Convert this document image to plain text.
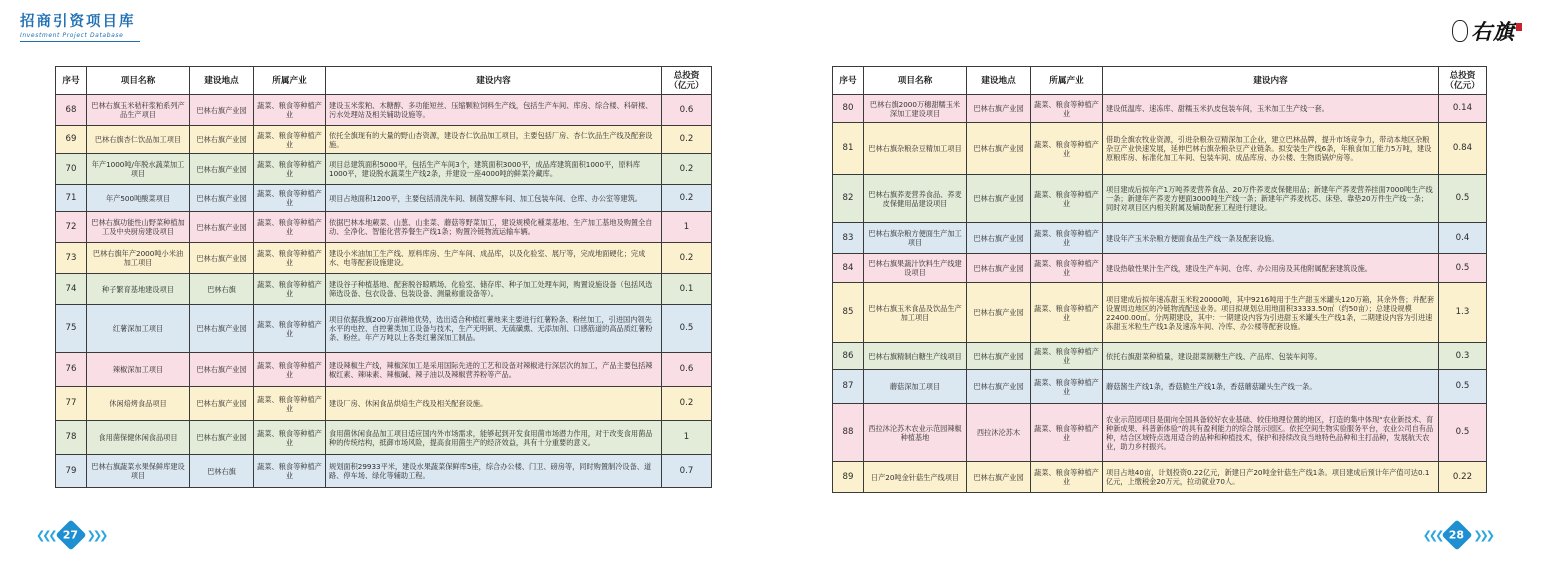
招商引资项目库
Investment Project Database
序号	项目名称	建设地点	所属产业	建设内容	总投资
（亿元）
68	巴林右旗玉米秸秆浆粕系列产品生产项目	巴林右旗产业园	蔬菜、粮食等种植产业	建设玉米浆粕、木糖醇、多功能短丝、压缩颗粒饲料生产线，包括生产车间、库房、综合楼、科研楼、污水处理站及相关辅助设施等。	0.6
69	巴林右旗杏仁饮品加工项目	巴林右旗产业园	蔬菜、粮食等种植产业	依托全旗现有的大量的野山杏资源，建设杏仁饮品加工项目，主要包括厂房、杏仁饮品生产线及配套设施。	0.2
70	年产1000吨/年脱水蔬菜加工项目	巴林右旗产业园	蔬菜、粮食等种植产业	项目总建筑面积5000平，包括生产车间3个，建筑面积3000平，成品库建筑面积1000平，原料库1000平，建设脱水蔬菜生产线2条，并建设一座4000吨的鲜菜冷藏库。	0.2
71	年产500吨酸菜项目	巴林右旗产业园	蔬菜、粮食等种植产业	项目占地面积1200平，主要包括清洗车间、制菌发酵车间、加工包装车间、仓库、办公室等建筑。	0.2
72	巴林右旗功能性山野菜种植加工及中央厨房建设项目	巴林右旗产业园	蔬菜、粮食等种植产业	依据巴林本地蕨菜、山葱、山韭菜、蘑菇等野菜加工，建设规模化種菜基地、生产加工基地及购置全自动、全净化、智能化营养餐生产线1条；购置冷链物流运输车辆。	1
73	巴林右旗年产2000吨小米油加工项目	巴林右旗产业园	蔬菜、粮食等种植产业	建设小米油加工生产线、原料库房、生产车间、成品库，以及化验室、展厅等，完成地面硬化；完成水、电等配套设施建设。	0.2
74	种子繁育基地建设项目	巴林右旗	蔬菜、粮食等种植产业	建设谷子种植基地、配套脱谷晾晒场、化验室、储存库、种子加工处理车间，购置设施设备（包括风选筛选设备、包衣设备、包装设备、测量称重设备等）。	0.1
75	红薯深加工项目	巴林右旗产业园	蔬菜、粮食等种植产业	项目依据我旗200万亩耕地优势，选出适合种植红薯地来主要进行红薯粉条、粉丝加工，引进国内领先水平的电控、自控薯类加工设备与技术，生产无明矾、无硫磺熏、无添加剂、口感筋道的高品质红薯粉条、粉丝。年产万吨以上各类红薯深加工制品。	0.5
76	辣椒深加工项目	巴林右旗产业园	蔬菜、粮食等种植产业	建设辣椒生产线，辣椒深加工是采用国际先进的工艺和设备对辣椒进行深层次的加工，产品主要包括辣椒红素、辣味素、辣椒碱、辣子油以及辣椒营养粉等产品。	0.6
77	休闲焙烤食品项目	巴林右旗产业园	蔬菜、粮食等种植产业	建设厂房、休闲食品烘焙生产线及相关配套设施。	0.2
78	食用菌保健休闲食品项目	巴林右旗产业园	蔬菜、粮食等种植产业	食用菌休闲食品加工项目适应国内外市场需求，能够起到开发食用菌市场潜力作用，对于改变食用菌品种的传统结构，抵御市场风险，提高食用菌生产的经济效益，具有十分重要的意义。	1
79	巴林右旗蔬菜水果保鲜库建设项目	巴林右旗	蔬菜、粮食等种植产业	规划面积29933平米，建设水果蔬菜保鲜库5座，综合办公楼、门卫、磅房等，同时购置制冷设备、道路、停车场、绿化等辅助工程。	0.7
❮❮❮ 27 ❯❯❯
右旗
序号	项目名称	建设地点	所属产业	建设内容	总投资
（亿元）
80	巴林右旗2000万穗甜糯玉米深加工建设项目	巴林右旗产业园	蔬菜、粮食等种植产业	建设低温库、速冻库、甜糯玉米扒皮包装车间，玉米加工生产线一套。	0.14
81	巴林右旗杂粮杂豆精加工项目	巴林右旗产业园	蔬菜、粮食等种植产业	借助全旗农牧业资源，引进杂粮杂豆精深加工企业，建立巴林品牌，提升市场竞争力，带动本地区杂粮杂豆产业快速发展，延伸巴林右旗杂粮杂豆产业链条。拟安装生产线6条，年粮食加工能力5万吨，建设原粮库房、标准化加工车间、包装车间、成品库房、办公楼、生物质锅炉房等。	0.84
82	巴林右旗荞麦营养食品、荞麦皮保健用品建设项目	巴林右旗产业园	蔬菜、粮食等种植产业	项目建成后拟年产1万吨荞麦营养食品、20万件荞麦皮保健用品；新建年产荞麦营养挂面7000吨生产线一条；新建年产荞麦方便面3000吨生产线一条；新建年产荞麦枕芯、床垫、靠垫20万件生产线一条；同时对项目区内相关附属及辅助配套工程进行建设。	0.5
83	巴林右旗杂粮方便面生产加工项目	巴林右旗产业园	蔬菜、粮食等种植产业	建设年产玉米杂粮方便面食品生产线一条及配套设施。	0.4
84	巴林右旗果蔬汁饮料生产线建设项目	巴林右旗产业园	蔬菜、粮食等种植产业	建设热敏性果汁生产线，建设生产车间、仓库、办公用房及其他附属配套建筑设施。	0.5
85	巴林右旗玉米食品及饮品生产加工项目	巴林右旗产业园	蔬菜、粮食等种植产业	项目建成后拟年速冻甜玉米粒20000吨，其中9216吨用于生产甜玉米罐头120万箱，其余外售；并配套设置周边地区的冷链物流配送业务。项目拟规划总用地面积33333.50㎡（约50亩）；总建设规模22400.00㎡。分两期建设，其中：一期建设内容为引进甜玉米罐头生产线1条，二期建设内容为引进速冻甜玉米粒生产线1条及速冻车间、冷库、办公楼等配套设施。	1.3
86	巴林右旗精制白糖生产线项目	巴林右旗产业园	蔬菜、粮食等种植产业	依托右旗甜菜种植量，建设甜菜制糖生产线、产品库、包装车间等。	0.3
87	蘑菇深加工项目	巴林右旗产业园	蔬菜、粮食等种植产业	蘑菇酱生产线1条，香菇脆生产线1条，香菇蘑菇罐头生产线一条。	0.5
88	西拉沐沦苏木农业示范园辣椒种植基地	西拉沐沦苏木	蔬菜、粮食等种植产业	农业示范园项目是面向全国具备较好农业基础、较佳地理位置的地区，打造的集中体现“农业新技术、育种新成果、科普新体验”的具有盈利能力的综合展示园区。依托空间生物实验服务平台，农业公司自有品种，结合区域特点选用适合的品种和种植技术，保护和持续改良当地特色品种和主打品种，发展航天农业，助力乡村振兴。	0.5
89	日产20吨金针菇生产线项目	巴林右旗产业园	蔬菜、粮食等种植产业	项目占地40亩，计划投资0.22亿元，新建日产20吨金针菇生产线1条。项目建成后预计年产值可达0.1亿元，上缴税金20万元，拉动就业70人。	0.22
❮❮❮ 28 ❯❯❯
